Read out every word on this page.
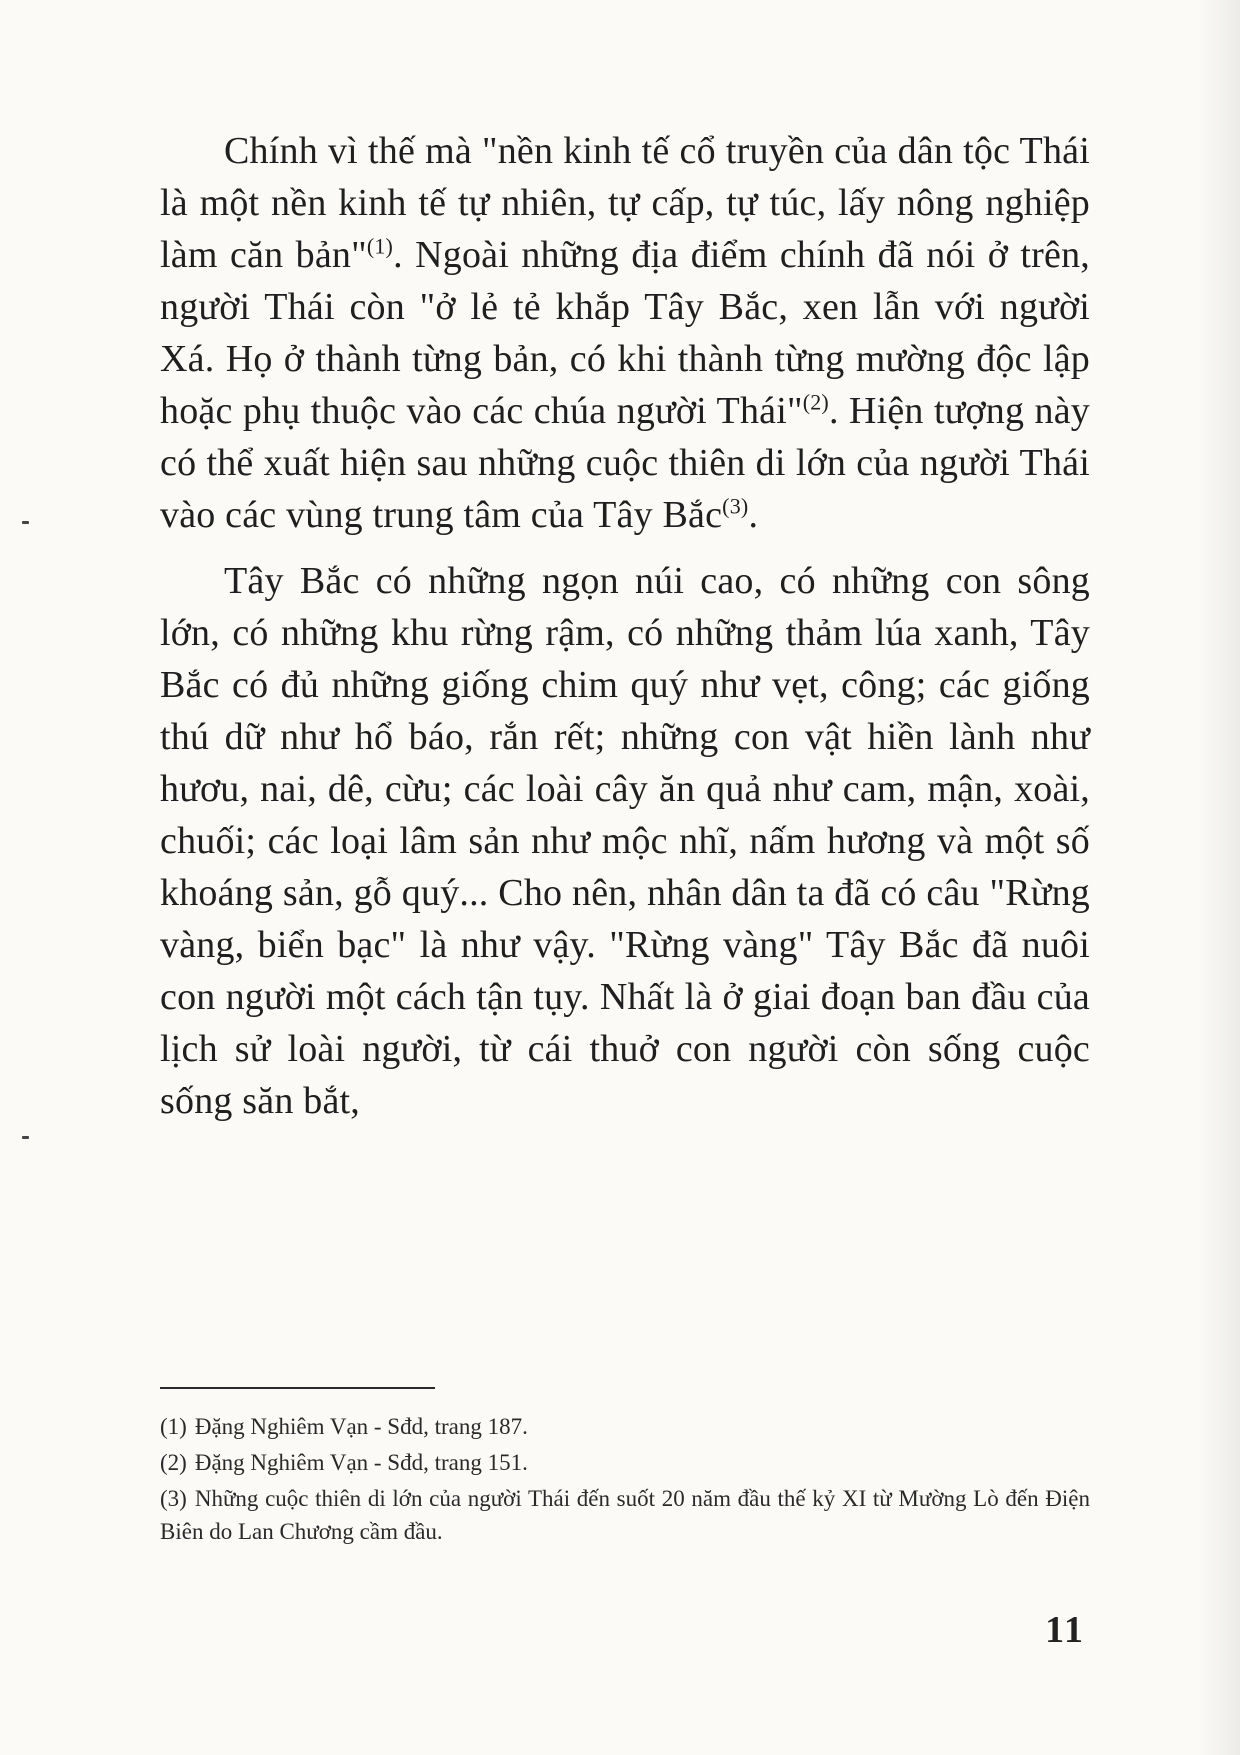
Chính vì thế mà "nền kinh tế cổ truyền của dân tộc Thái là một nền kinh tế tự nhiên, tự cấp, tự túc, lấy nông nghiệp làm căn bản"$^{(1)}$. Ngoài những địa điểm chính đã nói ở trên, người Thái còn "ở lẻ tẻ khắp Tây Bắc, xen lẫn với người Xá. Họ ở thành từng bản, có khi thành từng mường độc lập hoặc phụ thuộc vào các chúa người Thái"$^{(2)}$. Hiện tượng này có thể xuất hiện sau những cuộc thiên di lớn của người Thái vào các vùng trung tâm của Tây Bắc$^{(3)}$.

Tây Bắc có những ngọn núi cao, có những con sông lớn, có những khu rừng rậm, có những thảm lúa xanh, Tây Bắc có đủ những giống chim quý như vẹt, công; các giống thú dữ như hổ báo, rắn rết; những con vật hiền lành như hươu, nai, dê, cừu; các loài cây ăn quả như cam, mận, xoài, chuối; các loại lâm sản như mộc nhĩ, nấm hương và một số khoáng sản, gỗ quý... Cho nên, nhân dân ta đã có câu "Rừng vàng, biển bạc" là như vậy. "Rừng vàng" Tây Bắc đã nuôi con người một cách tận tụy. Nhất là ở giai đoạn ban đầu của lịch sử loài người, từ cái thuở con người còn sống cuộc sống săn bắt,

(1) Đặng Nghiêm Vạn - Sđd, trang 187.

(2) Đặng Nghiêm Vạn - Sđd, trang 151.

(3) Những cuộc thiên di lớn của người Thái đến suốt 20 năm đầu thế kỷ XI từ Mường Lò đến Điện Biên do Lan Chương cầm đầu.

11
